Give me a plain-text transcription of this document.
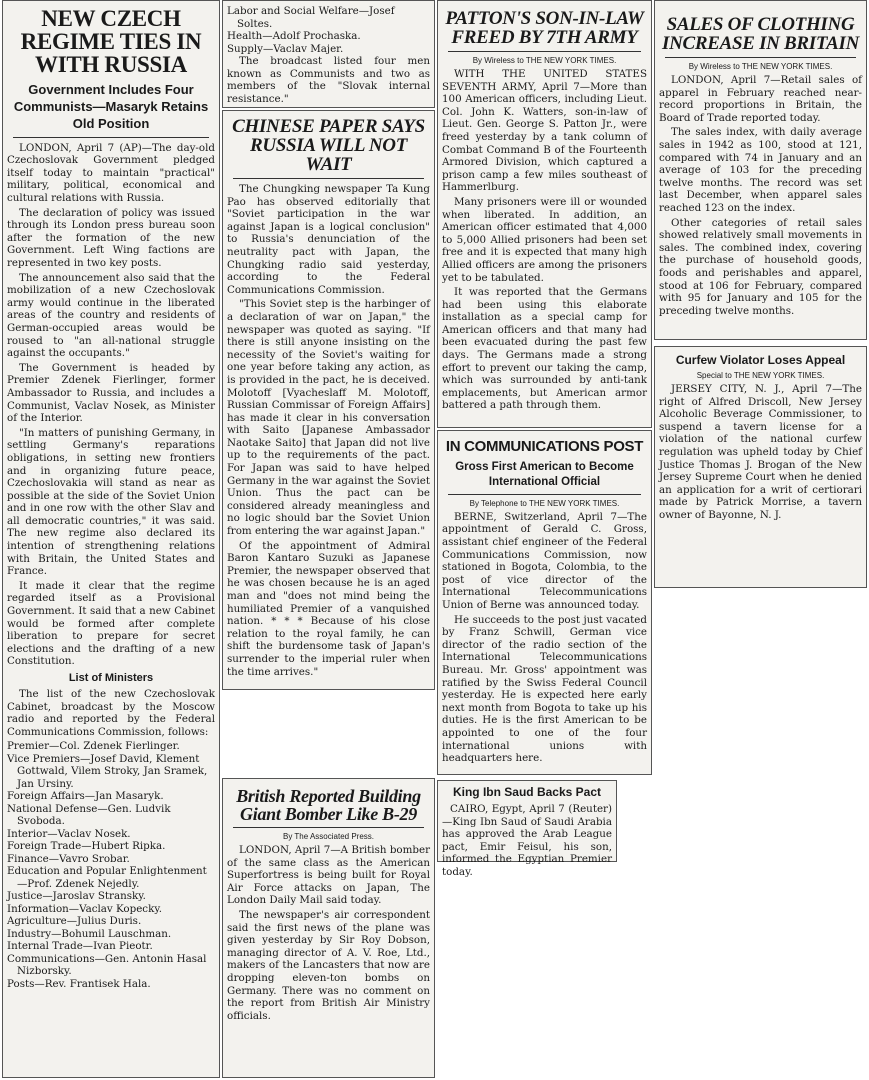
NEW CZECH REGIME TIES IN WITH RUSSIA
Government Includes Four Communists—Masaryk Retains Old Position

LONDON, April 7 (AP)—The day-old Czechoslovak Government pledged itself today to maintain "practical" military, political, economical and cultural relations with Russia.

The declaration of policy was issued through its London press bureau soon after the formation of the new Government. Left Wing factions are represented in two key posts.

The announcement also said that the mobilization of a new Czechoslovak army would continue in the liberated areas of the country and residents of German-occupied areas would be roused to "an all-national struggle against the occupants."

The Government is headed by Premier Zdenek Fierlinger, former Ambassador to Russia, and includes a Communist, Vaclav Nosek, as Minister of the Interior.

"In matters of punishing Germany, in settling Germany's reparations obligations, in setting new frontiers and in organizing future peace, Czechoslovakia will stand as near as possible at the side of the Soviet Union and in one row with the other Slav and all democratic countries," it was said. The new regime also declared its intention of strengthening relations with Britain, the United States and France.

It made it clear that the regime regarded itself as a Provisional Government. It said that a new Cabinet would be formed after complete liberation to prepare for secret elections and the drafting of a new Constitution.

List of Ministers

The list of the new Czechoslovak Cabinet, broadcast by the Moscow radio and reported by the Federal Communications Commission, follows:

Premier—Col. Zdenek Fierlinger.
Vice Premiers—Josef David, Klement Gottwald, Vilem Stroky, Jan Sramek, Jan Ursiny.
Foreign Affairs—Jan Masaryk.
National Defense—Gen. Ludvik Svoboda.
Interior—Vaclav Nosek.
Foreign Trade—Hubert Ripka.
Finance—Vavro Srobar.
Education and Popular Enlightenment—Prof. Zdenek Nejedly.
Justice—Jaroslav Stransky.
Information—Vaclav Kopecky.
Agriculture—Julius Duris.
Industry—Bohumil Lauschman.
Internal Trade—Ivan Pieotr.
Communications—Gen. Antonin Hasal Nizborsky.
Posts—Rev. Frantisek Hala.
Labor and Social Welfare—Josef Soltes.
Health—Adolf Prochaska.
Supply—Vaclav Majer.

The broadcast listed four men known as Communists and two as members of the "Slovak internal resistance."

CHINESE PAPER SAYS RUSSIA WILL NOT WAIT

The Chungking newspaper Ta Kung Pao has observed editorially that "Soviet participation in the war against Japan is a logical conclusion" to Russia's denunciation of the neutrality pact with Japan, the Chungking radio said yesterday, according to the Federal Communications Commission.

"This Soviet step is the harbinger of a declaration of war on Japan," the newspaper was quoted as saying. "If there is still anyone insisting on the necessity of the Soviet's waiting for one year before taking any action, as is provided in the pact, he is deceived. Molotoff [Vyacheslaff M. Molotoff, Russian Commissar of Foreign Affairs] has made it clear in his conversation with Saito [Japanese Ambassador Naotake Saito] that Japan did not live up to the requirements of the pact. For Japan was said to have helped Germany in the war against the Soviet Union. Thus the pact can be considered already meaningless and no logic should bar the Soviet Union from entering the war against Japan."

Of the appointment of Admiral Baron Kantaro Suzuki as Japanese Premier, the newspaper observed that he was chosen because he is an aged man and "does not mind being the humiliated Premier of a vanquished nation. * * * Because of his close relation to the royal family, he can shift the burdensome task of Japan's surrender to the imperial ruler when the time arrives."

British Reported Building Giant Bomber Like B-29
By The Associated Press.

LONDON, April 7—A British bomber of the same class as the American Superfortress is being built for Royal Air Force attacks on Japan, The London Daily Mail said today.

The newspaper's air correspondent said the first news of the plane was given yesterday by Sir Roy Dobson, managing director of A. V. Roe, Ltd., makers of the Lancasters that now are dropping eleven-ton bombs on Germany. There was no comment on the report from British Air Ministry officials.

PATTON'S SON-IN-LAW FREED BY 7TH ARMY
By Wireless to THE NEW YORK TIMES.

WITH THE UNITED STATES SEVENTH ARMY, April 7—More than 100 American officers, including Lieut. Col. John K. Watters, son-in-law of Lieut. Gen. George S. Patton Jr., were freed yesterday by a tank column of Combat Command B of the Fourteenth Armored Division, which captured a prison camp a few miles southeast of Hammerlburg.

Many prisoners were ill or wounded when liberated. In addition, an American officer estimated that 4,000 to 5,000 Allied prisoners had been set free and it is expected that many high Allied officers are among the prisoners yet to be tabulated.

It was reported that the Germans had been using this elaborate installation as a special camp for American officers and that many had been evacuated during the past few days. The Germans made a strong effort to prevent our taking the camp, which was surrounded by anti-tank emplacements, but American armor battered a path through them.

IN COMMUNICATIONS POST
Gross First American to Become International Official
By Telephone to THE NEW YORK TIMES.

BERNE, Switzerland, April 7—The appointment of Gerald C. Gross, assistant chief engineer of the Federal Communications Commission, now stationed in Bogota, Colombia, to the post of vice director of the International Telecommunications Union of Berne was announced today.

He succeeds to the post just vacated by Franz Schwill, German vice director of the radio section of the International Telecommunications Bureau. Mr. Gross' appointment was ratified by the Swiss Federal Council yesterday. He is expected here early next month from Bogota to take up his duties. He is the first American to be appointed to one of the four international unions with headquarters here.

King Ibn Saud Backs Pact

CAIRO, Egypt, April 7 (Reuter)—King Ibn Saud of Saudi Arabia has approved the Arab League pact, Emir Feisul, his son, informed the Egyptian Premier today.

SALES OF CLOTHING INCREASE IN BRITAIN
By Wireless to THE NEW YORK TIMES.

LONDON, April 7—Retail sales of apparel in February reached near-record proportions in Britain, the Board of Trade reported today.

The sales index, with daily average sales in 1942 as 100, stood at 121, compared with 74 in January and an average of 103 for the preceding twelve months. The record was set last December, when apparel sales reached 123 on the index.

Other categories of retail sales showed relatively small movements in sales. The combined index, covering the purchase of household goods, foods and perishables and apparel, stood at 106 for February, compared with 95 for January and 105 for the preceding twelve months.

Curfew Violator Loses Appeal
Special to THE NEW YORK TIMES.

JERSEY CITY, N. J., April 7—The right of Alfred Driscoll, New Jersey Alcoholic Beverage Commissioner, to suspend a tavern license for a violation of the national curfew regulation was upheld today by Chief Justice Thomas J. Brogan of the New Jersey Supreme Court when he denied an application for a writ of certiorari made by Patrick Morrise, a tavern owner of Bayonne, N. J.
